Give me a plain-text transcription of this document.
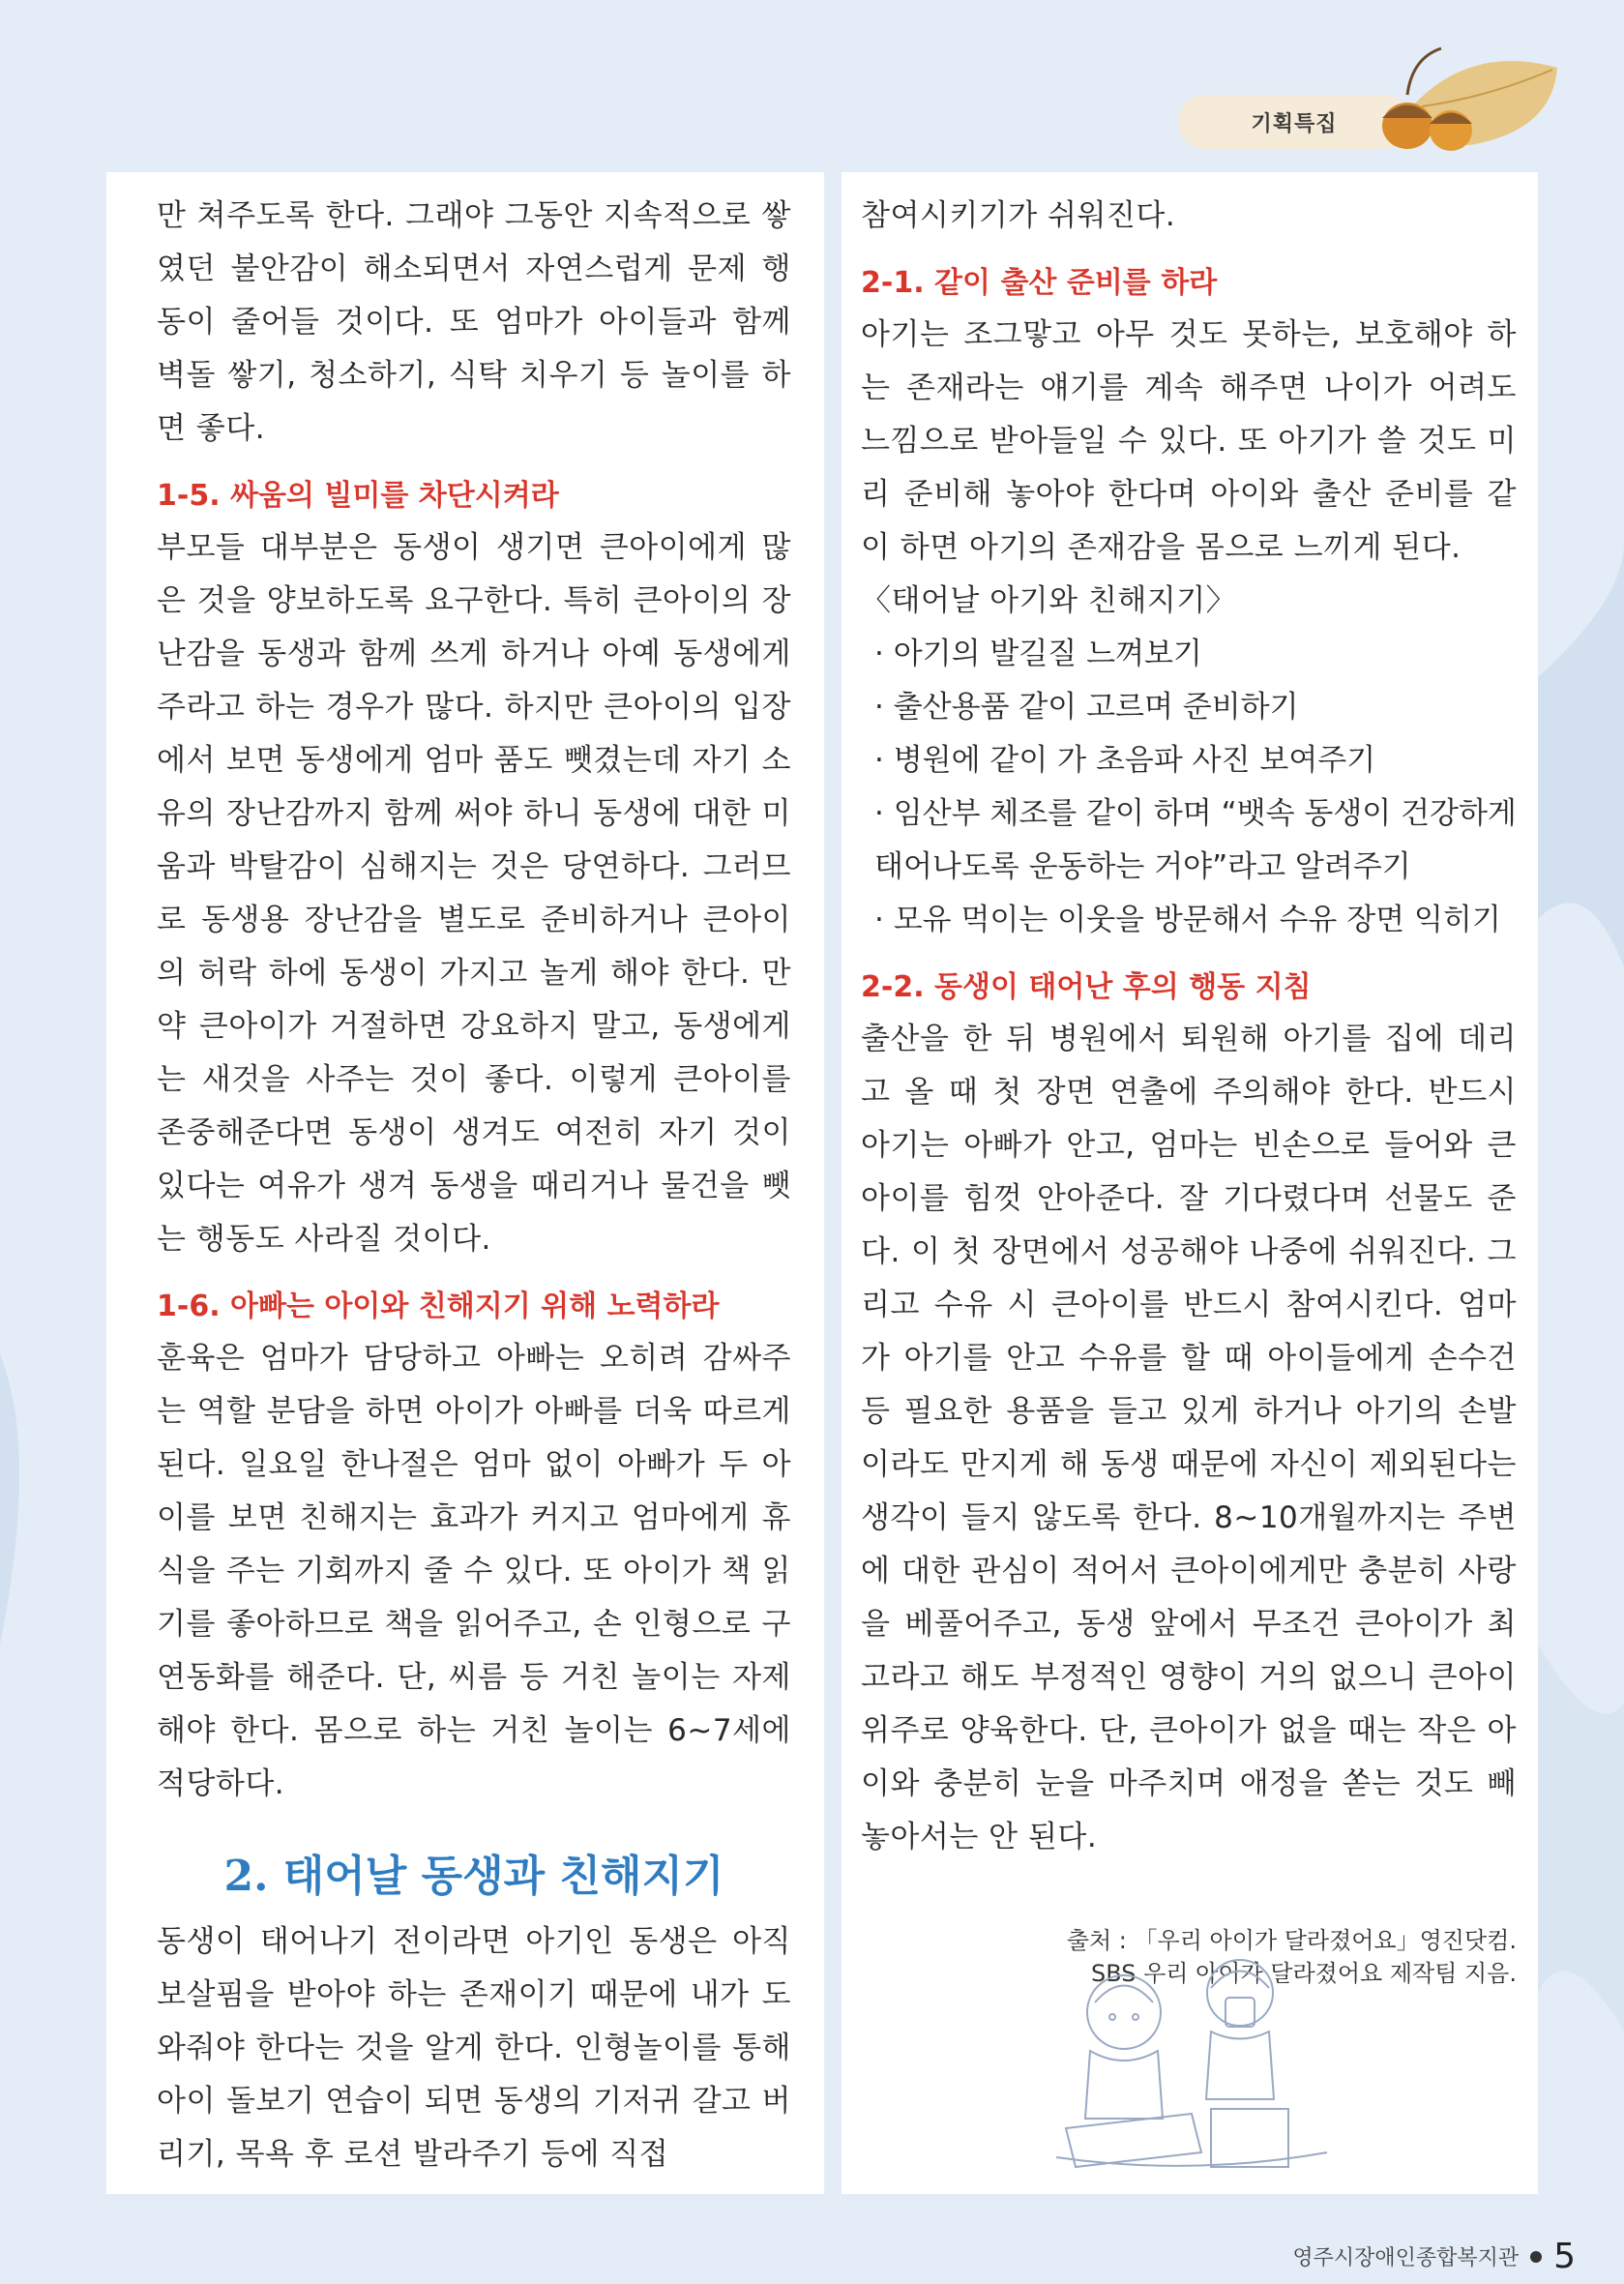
기획특집

만 쳐주도록 한다. 그래야 그동안 지속적으로 쌓였던 불안감이 해소되면서 자연스럽게 문제 행동이 줄어들 것이다. 또 엄마가 아이들과 함께 벽돌 쌓기, 청소하기, 식탁 치우기 등 놀이를 하면 좋다.

1-5. 싸움의 빌미를 차단시켜라

부모들 대부분은 동생이 생기면 큰아이에게 많은 것을 양보하도록 요구한다. 특히 큰아이의 장난감을 동생과 함께 쓰게 하거나 아예 동생에게 주라고 하는 경우가 많다. 하지만 큰아이의 입장에서 보면 동생에게 엄마 품도 뺏겼는데 자기 소유의 장난감까지 함께 써야 하니 동생에 대한 미움과 박탈감이 심해지는 것은 당연하다. 그러므로 동생용 장난감을 별도로 준비하거나 큰아이의 허락 하에 동생이 가지고 놀게 해야 한다. 만약 큰아이가 거절하면 강요하지 말고, 동생에게는 새것을 사주는 것이 좋다. 이렇게 큰아이를 존중해준다면 동생이 생겨도 여전히 자기 것이 있다는 여유가 생겨 동생을 때리거나 물건을 뺏는 행동도 사라질 것이다.

1-6. 아빠는 아이와 친해지기 위해 노력하라

훈육은 엄마가 담당하고 아빠는 오히려 감싸주는 역할 분담을 하면 아이가 아빠를 더욱 따르게 된다. 일요일 한나절은 엄마 없이 아빠가 두 아이를 보면 친해지는 효과가 커지고 엄마에게 휴식을 주는 기회까지 줄 수 있다. 또 아이가 책 읽기를 좋아하므로 책을 읽어주고, 손 인형으로 구연동화를 해준다. 단, 씨름 등 거친 놀이는 자제해야 한다. 몸으로 하는 거친 놀이는 6~7세에 적당하다.

2. 태어날 동생과 친해지기

동생이 태어나기 전이라면 아기인 동생은 아직 보살핌을 받아야 하는 존재이기 때문에 내가 도와줘야 한다는 것을 알게 한다. 인형놀이를 통해 아이 돌보기 연습이 되면 동생의 기저귀 갈고 버리기, 목욕 후 로션 발라주기 등에 직접

참여시키기가 쉬워진다.

2-1. 같이 출산 준비를 하라

아기는 조그맣고 아무 것도 못하는, 보호해야 하는 존재라는 얘기를 계속 해주면 나이가 어려도 느낌으로 받아들일 수 있다. 또 아기가 쓸 것도 미리 준비해 놓아야 한다며 아이와 출산 준비를 같이 하면 아기의 존재감을 몸으로 느끼게 된다.

〈태어날 아기와 친해지기〉

· 아기의 발길질 느껴보기

· 출산용품 같이 고르며 준비하기

· 병원에 같이 가 초음파 사진 보여주기

· 임산부 체조를 같이 하며 “뱃속 동생이 건강하게 태어나도록 운동하는 거야”라고 알려주기

· 모유 먹이는 이웃을 방문해서 수유 장면 익히기

2-2. 동생이 태어난 후의 행동 지침

출산을 한 뒤 병원에서 퇴원해 아기를 집에 데리고 올 때 첫 장면 연출에 주의해야 한다. 반드시 아기는 아빠가 안고, 엄마는 빈손으로 들어와 큰아이를 힘껏 안아준다. 잘 기다렸다며 선물도 준다. 이 첫 장면에서 성공해야 나중에 쉬워진다. 그리고 수유 시 큰아이를 반드시 참여시킨다. 엄마가 아기를 안고 수유를 할 때 아이들에게 손수건 등 필요한 용품을 들고 있게 하거나 아기의 손발이라도 만지게 해 동생 때문에 자신이 제외된다는 생각이 들지 않도록 한다. 8~10개월까지는 주변에 대한 관심이 적어서 큰아이에게만 충분히 사랑을 베풀어주고, 동생 앞에서 무조건 큰아이가 최고라고 해도 부정적인 영향이 거의 없으니 큰아이 위주로 양육한다. 단, 큰아이가 없을 때는 작은 아이와 충분히 눈을 마주치며 애정을 쏟는 것도 빼놓아서는 안 된다.

출처 : 「우리 아이가 달라졌어요」영진닷컴.
SBS 우리 아이가 달라졌어요 제작팀 지음.
영주시장애인종합복지관 5
